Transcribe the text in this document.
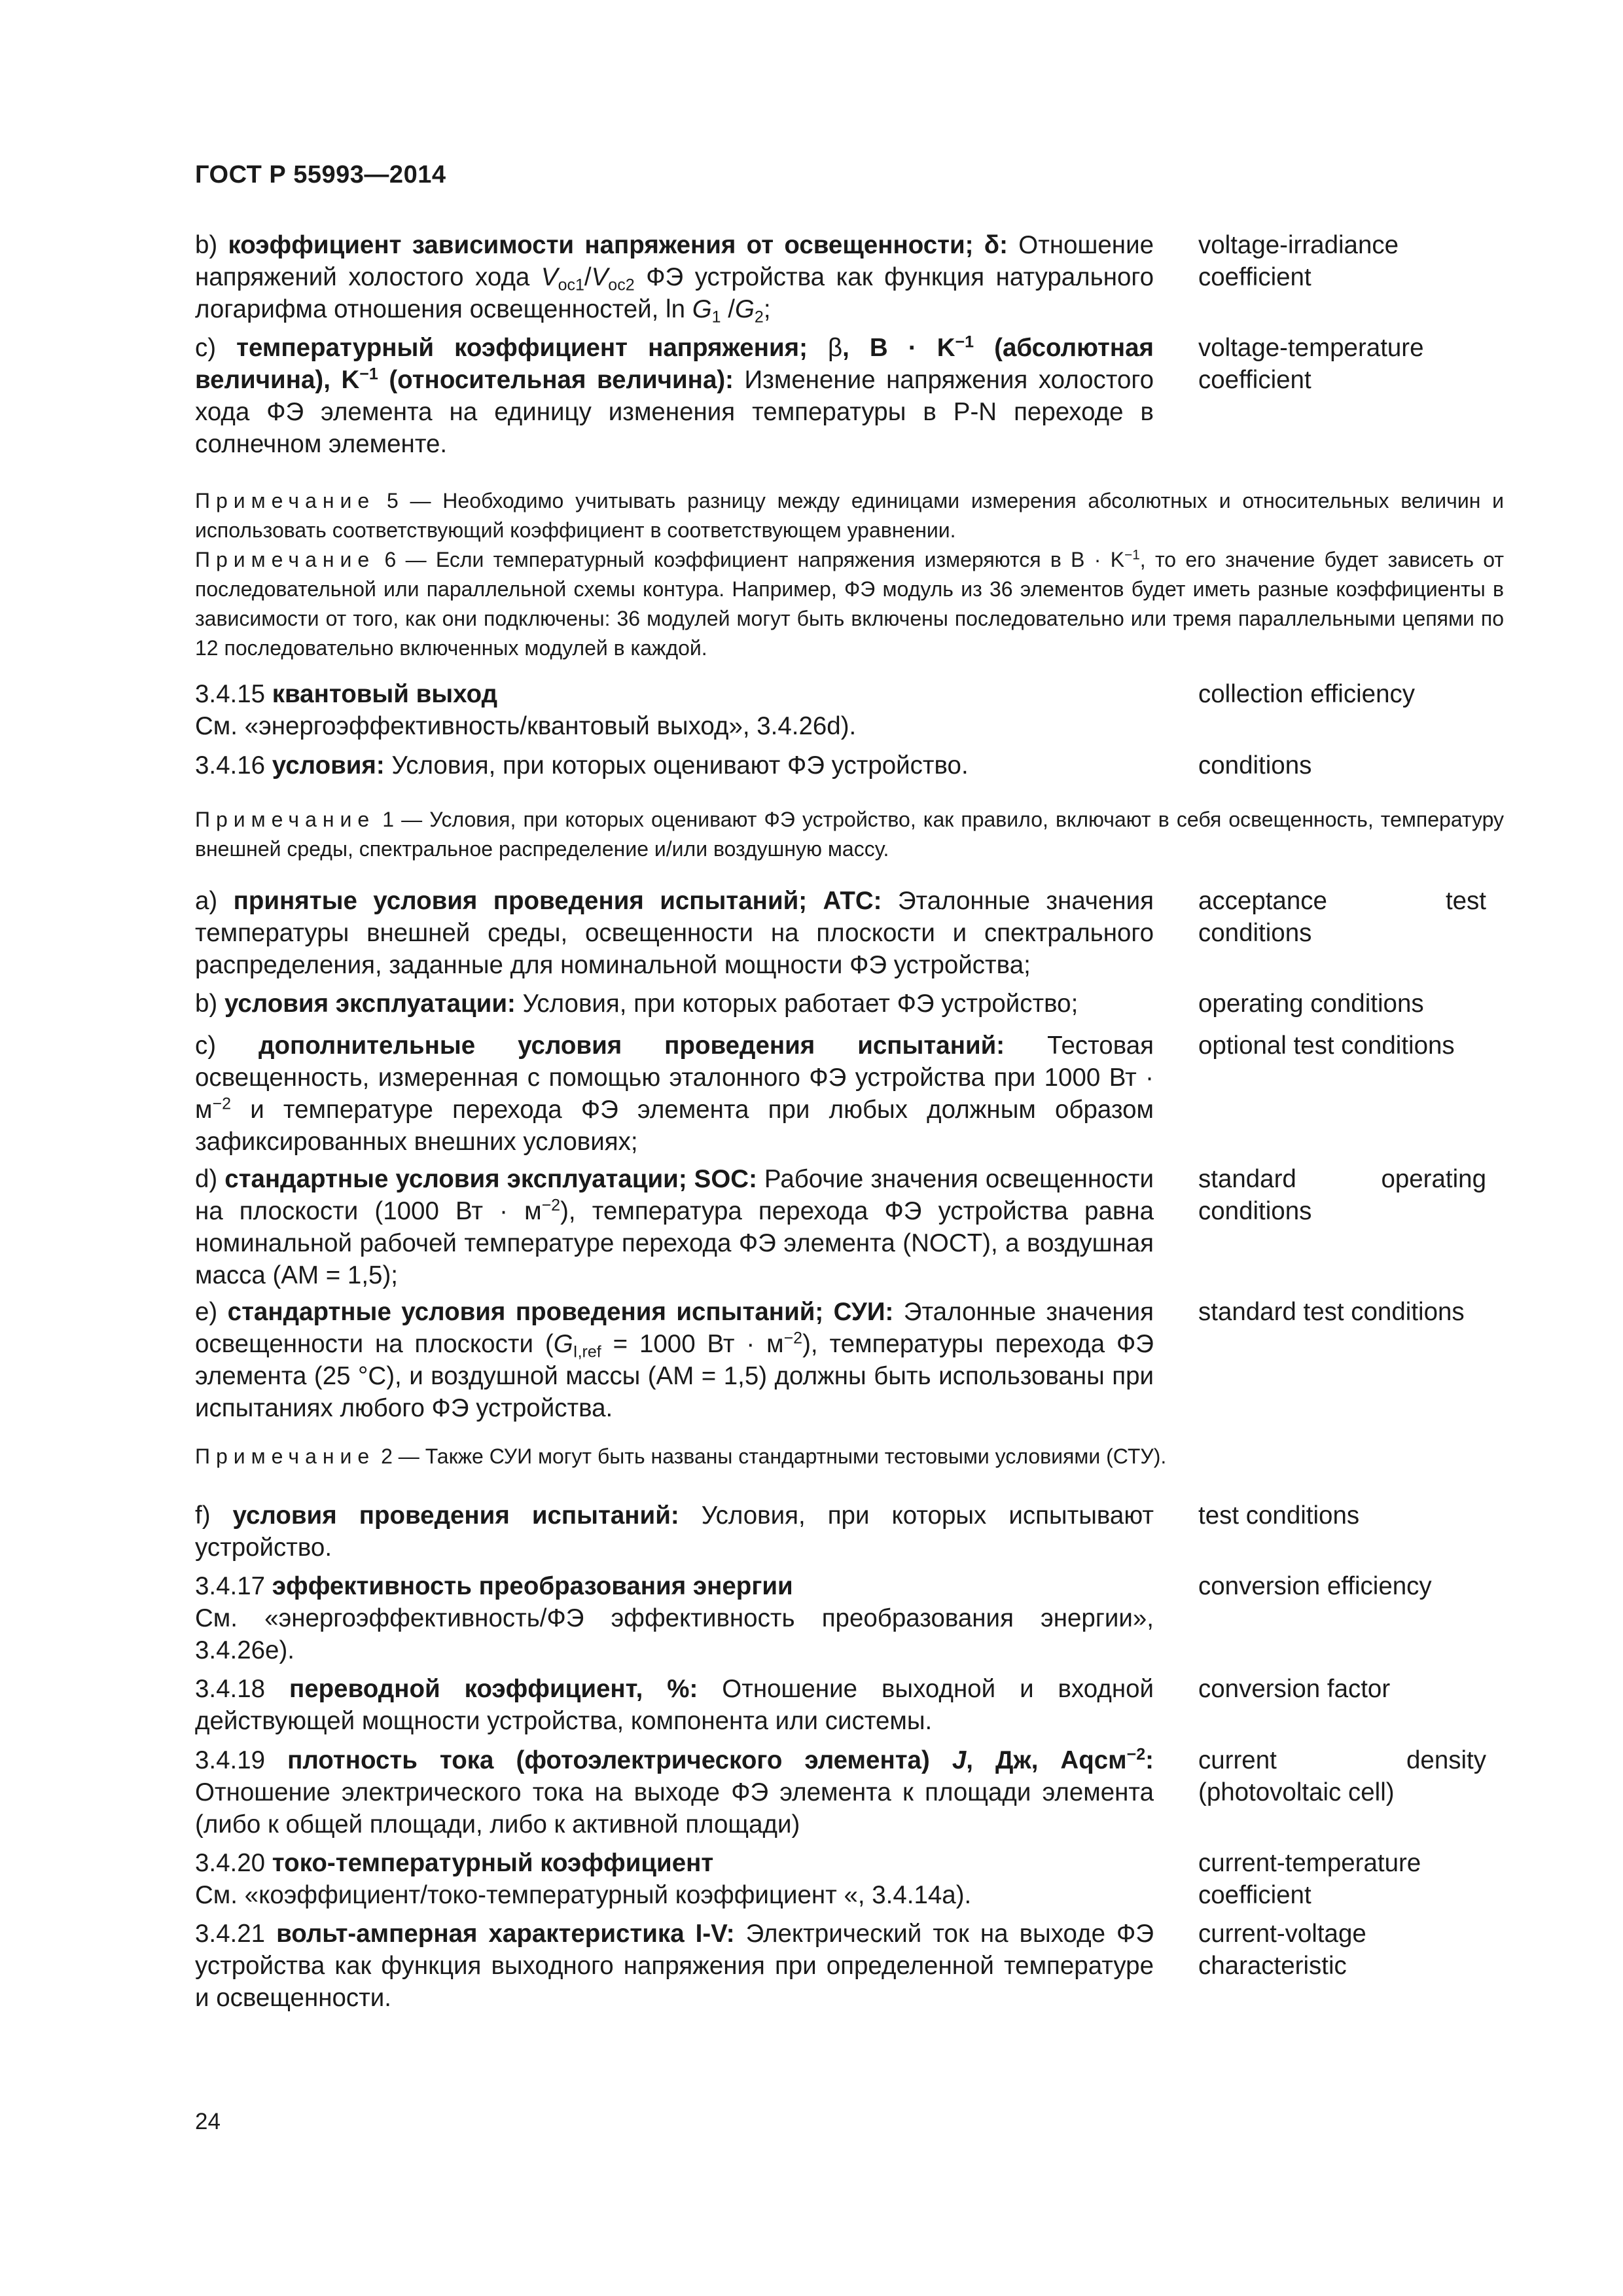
ГОСТ Р 55993—2014
b) коэффициент зависимости напряжения от освещенности; δ: Отношение напряжений холостого хода $V_{oc1}/V_{oc2}$ ФЭ устройства как функция натурального логарифма отношения освещенностей, $\ln G_1$ $/G_2$;
voltage-irradiance coefficient
c) температурный коэффициент напряжения; β, $В \cdot K^{-1}$ (абсолютная величина), $K^{-1}$ (относительная величина): Изменение напряжения холостого хода ФЭ элемента на единицу изменения температуры в P-N переходе в солнечном элементе.
voltage-temperature coefficient
Примечание 5 — Необходимо учитывать разницу между единицами измерения абсолютных и относительных величин и использовать соответствующий коэффициент в соответствующем уравнении.
Примечание 6 — Если температурный коэффициент напряжения измеряются в $В \cdot K^{-1}$, то его значение будет зависеть от последовательной или параллельной схемы контура. Например, ФЭ модуль из 36 элементов будет иметь разные коэффициенты в зависимости от того, как они подключены: 36 модулей могут быть включены последовательно или тремя параллельными цепями по 12 последовательно включенных модулей в каждой.
3.4.15 квантовый выход
См. «энергоэффективность/квантовый выход», 3.4.26d).
collection efficiency
3.4.16 условия: Условия, при которых оценивают ФЭ устройство.	conditions
Примечание 1 — Условия, при которых оценивают ФЭ устройство, как правило, включают в себя освещенность, температуру внешней среды, спектральное распределение и/или воздушную массу.
a) принятые условия проведения испытаний; АТС: Эталонные значения температуры внешней среды, освещенности на плоскости и спектрального распределения, заданные для номинальной мощности ФЭ устройства;
acceptance test conditions
b) условия эксплуатации: Условия, при которых работает ФЭ устройство;	operating conditions
c) дополнительные условия проведения испытаний: Тестовая освещенность, измеренная с помощью эталонного ФЭ устройства при 1000 Вт · $м^{-2}$ и температуре перехода ФЭ элемента при любых должным образом зафиксированных внешних условиях;
optional test conditions
d) стандартные условия эксплуатации; SOC: Рабочие значения освещенности на плоскости (1000 Вт · $м^{-2}$), температура перехода ФЭ устройства равна номинальной рабочей температуре перехода ФЭ элемента (NOCT), а воздушная масса (AM = 1,5);
standard operating conditions
e) стандартные условия проведения испытаний; СУИ: Эталонные значения освещенности на плоскости ($G_{I,ref} = 1000$ Вт · $м^{-2}$), температуры перехода ФЭ элемента (25 °C), и воздушной массы (AM = 1,5) должны быть использованы при испытаниях любого ФЭ устройства.
standard test conditions
Примечание 2 — Также СУИ могут быть названы стандартными тестовыми условиями (СТУ).
f) условия проведения испытаний: Условия, при которых испытывают устройство.
test conditions
3.4.17 эффективность преобразования энергии
См. «энергоэффективность/ФЭ эффективность преобразования энергии», 3.4.26е).
conversion efficiency
3.4.18 переводной коэффициент, %: Отношение выходной и входной действующей мощности устройства, компонента или системы.
conversion factor
3.4.19 плотность тока (фотоэлектрического элемента) J, Дж, Aqcм$^{-2}$: Отношение электрического тока на выходе ФЭ элемента к площади элемента (либо к общей площади, либо к активной площади)
current density (photovoltaic cell)
3.4.20 токо-температурный коэффициент
См. «коэффициент/токо-температурный коэффициент «, 3.4.14а).
current-temperature coefficient
3.4.21 вольт-амперная характеристика I-V: Электрический ток на выходе ФЭ устройства как функция выходного напряжения при определенной температуре и освещенности.
current-voltage characteristic
24
